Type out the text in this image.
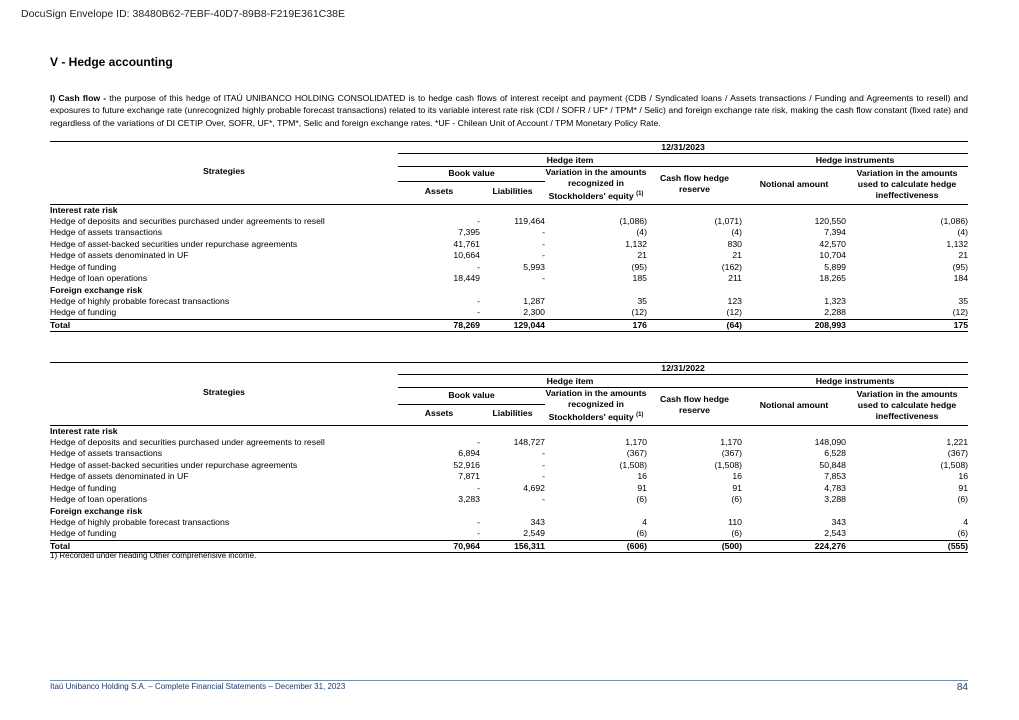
DocuSign Envelope ID: 38480B62-7EBF-40D7-89B8-F219E361C38E
V - Hedge accounting
I) Cash flow - the purpose of this hedge of ITAÚ UNIBANCO HOLDING CONSOLIDATED is to hedge cash flows of interest receipt and payment (CDB / Syndicated loans / Assets transactions / Funding and Agreements to resell) and exposures to future exchange rate (unrecognized highly probable forecast transactions) related to its variable interest rate risk (CDI / SOFR / UF* / TPM* / Selic) and foreign exchange rate risk, making the cash flow constant (fixed rate) and regardless of the variations of DI CETIP Over, SOFR, UF*, TPM*, Selic and foreign exchange rates. *UF - Chilean Unit of Account / TPM Monetary Policy Rate.
Strategies	12/31/2023					
	Hedge item				Hedge instruments	
	Book value		Variation in the amounts
recognized in
Stockholders' equity $^{(1)}$	Cash flow hedge
reserve	Notional amount	Variation in the amounts
used to calculate hedge
ineffectiveness

	Assets	Liabilities				

Interest rate risk						
Hedge of deposits and securities purchased under agreements to resell	-	119,464	(1,086)	(1,071)	120,550	(1,086)
Hedge of assets transactions	7,395	-	(4)	(4)	7,394	(4)
Hedge of asset-backed securities under repurchase agreements	41,761	-	1,132	830	42,570	1,132
Hedge of assets denominated in UF	10,664	-	21	21	10,704	21
Hedge of funding	-	5,993	(95)	(162)	5,899	(95)
Hedge of loan operations	18,449	-	185	211	18,265	184
Foreign exchange risk						
Hedge of highly probable forecast transactions	-	1,287	35	123	1,323	35
Hedge of funding	-	2,300	(12)	(12)	2,288	(12)
Total	78,269	129,044	176	(64)	208,993	175
Strategies	12/31/2022					
	Hedge item				Hedge instruments	
	Book value		Variation in the amounts
recognized in
Stockholders' equity $^{(1)}$	Cash flow hedge
reserve	Notional amount	Variation in the amounts
used to calculate hedge
ineffectiveness

	Assets	Liabilities				

Interest rate risk						
Hedge of deposits and securities purchased under agreements to resell	-	148,727	1,170	1,170	148,090	1,221
Hedge of assets transactions	6,894	-	(367)	(367)	6,528	(367)
Hedge of asset-backed securities under repurchase agreements	52,916	-	(1,508)	(1,508)	50,848	(1,508)
Hedge of assets denominated in UF	7,871	-	16	16	7,853	16
Hedge of funding	-	4,692	91	91	4,783	91
Hedge of loan operations	3,283	-	(6)	(6)	3,288	(6)
Foreign exchange risk						
Hedge of highly probable forecast transactions	-	343	4	110	343	4
Hedge of funding	-	2,549	(6)	(6)	2,543	(6)
Total	70,964	156,311	(606)	(500)	224,276	(555)
1) Recorded under heading Other comprehensive income.
Itaú Unibanco Holding S.A. – Complete Financial Statements – December 31, 2023	84
